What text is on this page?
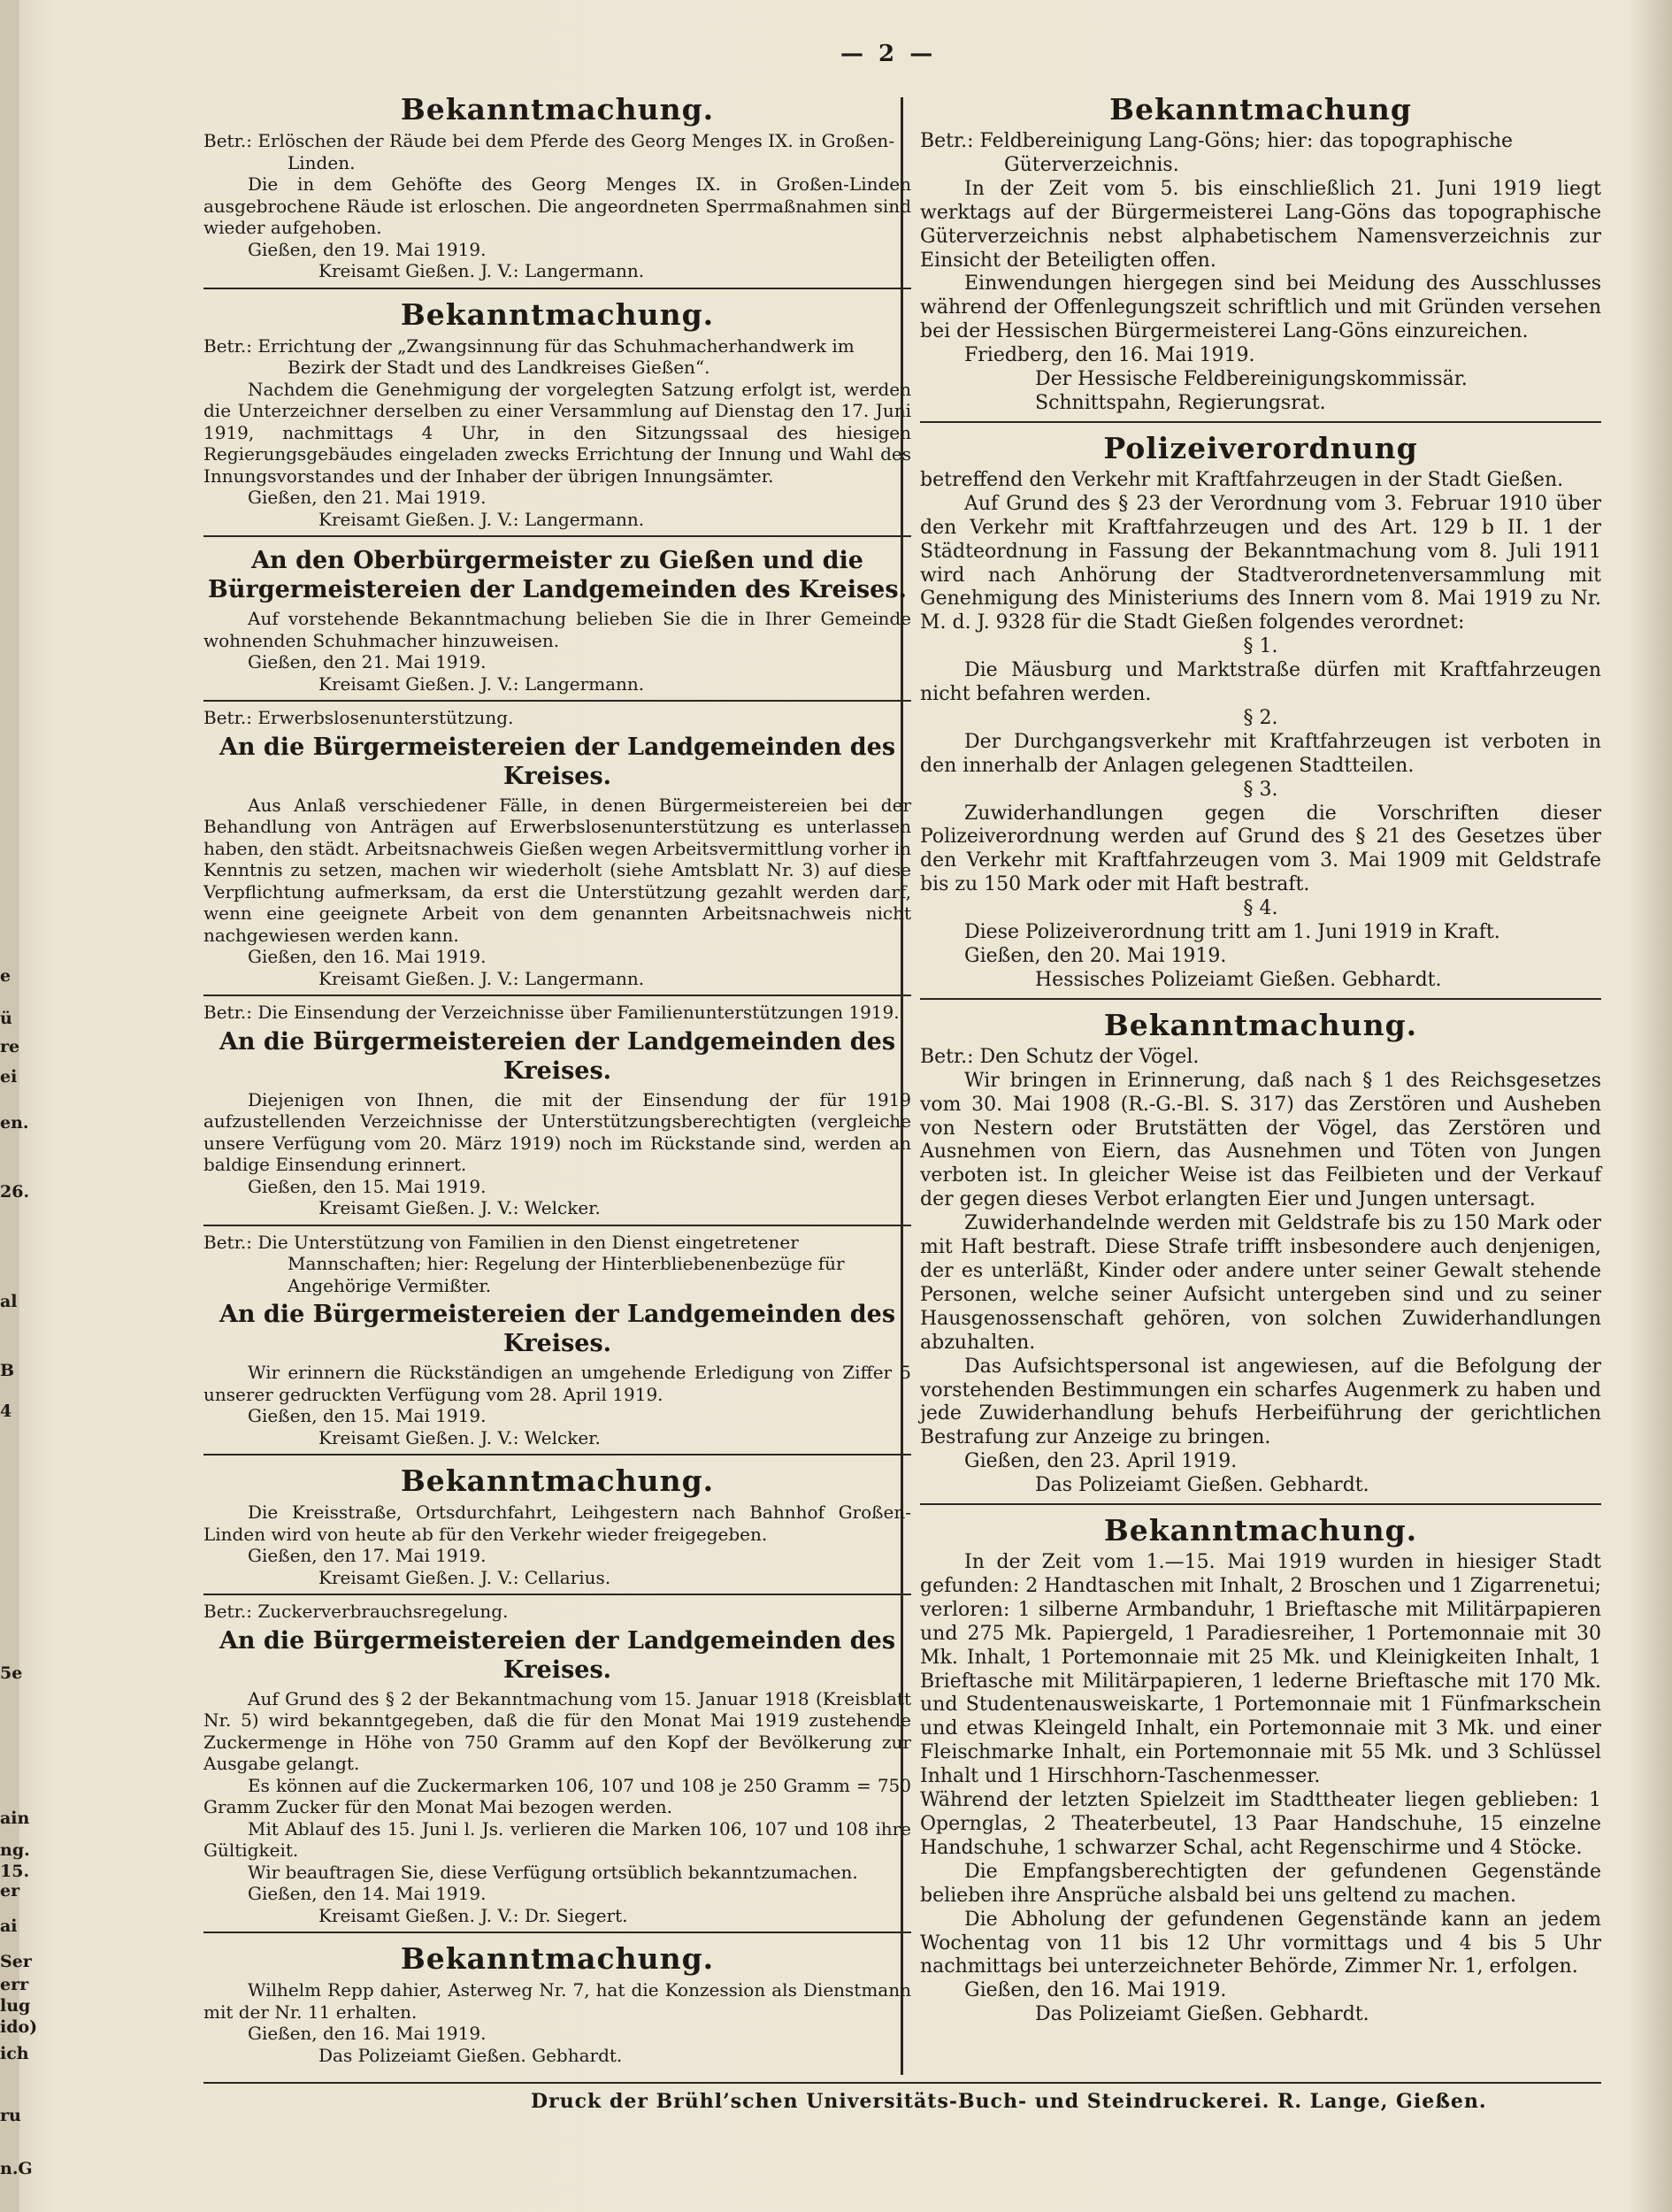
e
ü
re
ei
en.
26.
al
B
4
5e
ain
ng.
15.
er
ai
Ser
err
lug
ido)
ich
ru
n.G
— 2 —
Bekanntmachung.

Betr.: Erlöschen der Räude bei dem Pferde des Georg Menges IX. in Großen-Linden.

Die in dem Gehöfte des Georg Menges IX. in Großen-Linden ausgebrochene Räude ist erloschen. Die angeordneten Sperrmaßnahmen sind wieder aufgehoben.

Gießen, den 19. Mai 1919.

Kreisamt Gießen. J. V.: Langermann.

Bekanntmachung.

Betr.: Errichtung der „Zwangsinnung für das Schuhmacherhandwerk im Bezirk der Stadt und des Landkreises Gießen“.

Nachdem die Genehmigung der vorgelegten Satzung erfolgt ist, werden die Unterzeichner derselben zu einer Versammlung auf Dienstag den 17. Juni 1919, nachmittags 4 Uhr, in den Sitzungssaal des hiesigen Regierungsgebäudes eingeladen zwecks Errichtung der Innung und Wahl des Innungsvorstandes und der Inhaber der übrigen Innungsämter.

Gießen, den 21. Mai 1919.

Kreisamt Gießen. J. V.: Langermann.

An den Oberbürgermeister zu Gießen und die Bürgermeistereien der Landgemeinden des Kreises.

Auf vorstehende Bekanntmachung belieben Sie die in Ihrer Gemeinde wohnenden Schuhmacher hinzuweisen.

Gießen, den 21. Mai 1919.

Kreisamt Gießen. J. V.: Langermann.

Betr.: Erwerbslosenunterstützung.

An die Bürgermeistereien der Landgemeinden des Kreises.

Aus Anlaß verschiedener Fälle, in denen Bürgermeistereien bei der Behandlung von Anträgen auf Erwerbslosenunterstützung es unterlassen haben, den städt. Arbeitsnachweis Gießen wegen Arbeitsvermittlung vorher in Kenntnis zu setzen, machen wir wiederholt (siehe Amtsblatt Nr. 3) auf diese Verpflichtung aufmerksam, da erst die Unterstützung gezahlt werden darf, wenn eine geeignete Arbeit von dem genannten Arbeitsnachweis nicht nachgewiesen werden kann.

Gießen, den 16. Mai 1919.

Kreisamt Gießen. J. V.: Langermann.

Betr.: Die Einsendung der Verzeichnisse über Familienunterstützungen 1919.

An die Bürgermeistereien der Landgemeinden des Kreises.

Diejenigen von Ihnen, die mit der Einsendung der für 1919 aufzustellenden Verzeichnisse der Unterstützungsberechtigten (vergleiche unsere Verfügung vom 20. März 1919) noch im Rückstande sind, werden an baldige Einsendung erinnert.

Gießen, den 15. Mai 1919.

Kreisamt Gießen. J. V.: Welcker.

Betr.: Die Unterstützung von Familien in den Dienst eingetretener Mannschaften; hier: Regelung der Hinterbliebenenbezüge für Angehörige Vermißter.

An die Bürgermeistereien der Landgemeinden des Kreises.

Wir erinnern die Rückständigen an umgehende Erledigung von Ziffer 5 unserer gedruckten Verfügung vom 28. April 1919.

Gießen, den 15. Mai 1919.

Kreisamt Gießen. J. V.: Welcker.

Bekanntmachung.

Die Kreisstraße, Ortsdurchfahrt, Leihgestern nach Bahnhof Großen-Linden wird von heute ab für den Verkehr wieder freigegeben.

Gießen, den 17. Mai 1919.

Kreisamt Gießen. J. V.: Cellarius.

Betr.: Zuckerverbrauchsregelung.

An die Bürgermeistereien der Landgemeinden des Kreises.

Auf Grund des § 2 der Bekanntmachung vom 15. Januar 1918 (Kreisblatt Nr. 5) wird bekanntgegeben, daß die für den Monat Mai 1919 zustehende Zuckermenge in Höhe von 750 Gramm auf den Kopf der Bevölkerung zur Ausgabe gelangt.

Es können auf die Zuckermarken 106, 107 und 108 je 250 Gramm = 750 Gramm Zucker für den Monat Mai bezogen werden.

Mit Ablauf des 15. Juni l. Js. verlieren die Marken 106, 107 und 108 ihre Gültigkeit.

Wir beauftragen Sie, diese Verfügung ortsüblich bekanntzumachen.

Gießen, den 14. Mai 1919.

Kreisamt Gießen. J. V.: Dr. Siegert.

Bekanntmachung.

Wilhelm Repp dahier, Asterweg Nr. 7, hat die Konzession als Dienstmann mit der Nr. 11 erhalten.

Gießen, den 16. Mai 1919.

Das Polizeiamt Gießen. Gebhardt.

Bekanntmachung

Betr.: Feldbereinigung Lang-Göns; hier: das topographische Güterverzeichnis.

In der Zeit vom 5. bis einschließlich 21. Juni 1919 liegt werktags auf der Bürgermeisterei Lang-Göns das topographische Güterverzeichnis nebst alphabetischem Namensverzeichnis zur Einsicht der Beteiligten offen.

Einwendungen hiergegen sind bei Meidung des Ausschlusses während der Offenlegungszeit schriftlich und mit Gründen versehen bei der Hessischen Bürgermeisterei Lang-Göns einzureichen.

Friedberg, den 16. Mai 1919.

Der Hessische Feldbereinigungskommissär.

Schnittspahn, Regierungsrat.

Polizeiverordnung

betreffend den Verkehr mit Kraftfahrzeugen in der Stadt Gießen.

Auf Grund des § 23 der Verordnung vom 3. Februar 1910 über den Verkehr mit Kraftfahrzeugen und des Art. 129 b II. 1 der Städteordnung in Fassung der Bekanntmachung vom 8. Juli 1911 wird nach Anhörung der Stadtverordnetenversammlung mit Genehmigung des Ministeriums des Innern vom 8. Mai 1919 zu Nr. M. d. J. 9328 für die Stadt Gießen folgendes verordnet:

§ 1.

Die Mäusburg und Marktstraße dürfen mit Kraftfahrzeugen nicht befahren werden.

§ 2.

Der Durchgangsverkehr mit Kraftfahrzeugen ist verboten in den innerhalb der Anlagen gelegenen Stadtteilen.

§ 3.

Zuwiderhandlungen gegen die Vorschriften dieser Polizeiverordnung werden auf Grund des § 21 des Gesetzes über den Verkehr mit Kraftfahrzeugen vom 3. Mai 1909 mit Geldstrafe bis zu 150 Mark oder mit Haft bestraft.

§ 4.

Diese Polizeiverordnung tritt am 1. Juni 1919 in Kraft.

Gießen, den 20. Mai 1919.

Hessisches Polizeiamt Gießen. Gebhardt.

Bekanntmachung.

Betr.: Den Schutz der Vögel.

Wir bringen in Erinnerung, daß nach § 1 des Reichsgesetzes vom 30. Mai 1908 (R.-G.-Bl. S. 317) das Zerstören und Ausheben von Nestern oder Brutstätten der Vögel, das Zerstören und Ausnehmen von Eiern, das Ausnehmen und Töten von Jungen verboten ist. In gleicher Weise ist das Feilbieten und der Verkauf der gegen dieses Verbot erlangten Eier und Jungen untersagt.

Zuwiderhandelnde werden mit Geldstrafe bis zu 150 Mark oder mit Haft bestraft. Diese Strafe trifft insbesondere auch denjenigen, der es unterläßt, Kinder oder andere unter seiner Gewalt stehende Personen, welche seiner Aufsicht untergeben sind und zu seiner Hausgenossenschaft gehören, von solchen Zuwiderhandlungen abzuhalten.

Das Aufsichtspersonal ist angewiesen, auf die Befolgung der vorstehenden Bestimmungen ein scharfes Augenmerk zu haben und jede Zuwiderhandlung behufs Herbeiführung der gerichtlichen Bestrafung zur Anzeige zu bringen.

Gießen, den 23. April 1919.

Das Polizeiamt Gießen. Gebhardt.

Bekanntmachung.

In der Zeit vom 1.—15. Mai 1919 wurden in hiesiger Stadt gefunden: 2 Handtaschen mit Inhalt, 2 Broschen und 1 Zigarrenetui;

verloren: 1 silberne Armbanduhr, 1 Brieftasche mit Militärpapieren und 275 Mk. Papiergeld, 1 Paradiesreiher, 1 Portemonnaie mit 30 Mk. Inhalt, 1 Portemonnaie mit 25 Mk. und Kleinigkeiten Inhalt, 1 Brieftasche mit Militärpapieren, 1 lederne Brieftasche mit 170 Mk. und Studentenausweiskarte, 1 Portemonnaie mit 1 Fünfmarkschein und etwas Kleingeld Inhalt, ein Portemonnaie mit 3 Mk. und einer Fleischmarke Inhalt, ein Portemonnaie mit 55 Mk. und 3 Schlüssel Inhalt und 1 Hirschhorn-Taschenmesser.

Während der letzten Spielzeit im Stadttheater liegen geblieben: 1 Opernglas, 2 Theaterbeutel, 13 Paar Handschuhe, 15 einzelne Handschuhe, 1 schwarzer Schal, acht Regenschirme und 4 Stöcke.

Die Empfangsberechtigten der gefundenen Gegenstände belieben ihre Ansprüche alsbald bei uns geltend zu machen.

Die Abholung der gefundenen Gegenstände kann an jedem Wochentag von 11 bis 12 Uhr vormittags und 4 bis 5 Uhr nachmittags bei unterzeichneter Behörde, Zimmer Nr. 1, erfolgen.

Gießen, den 16. Mai 1919.

Das Polizeiamt Gießen. Gebhardt.

Druck der Brühl’schen Universitäts-Buch- und Steindruckerei. R. Lange, Gießen.
